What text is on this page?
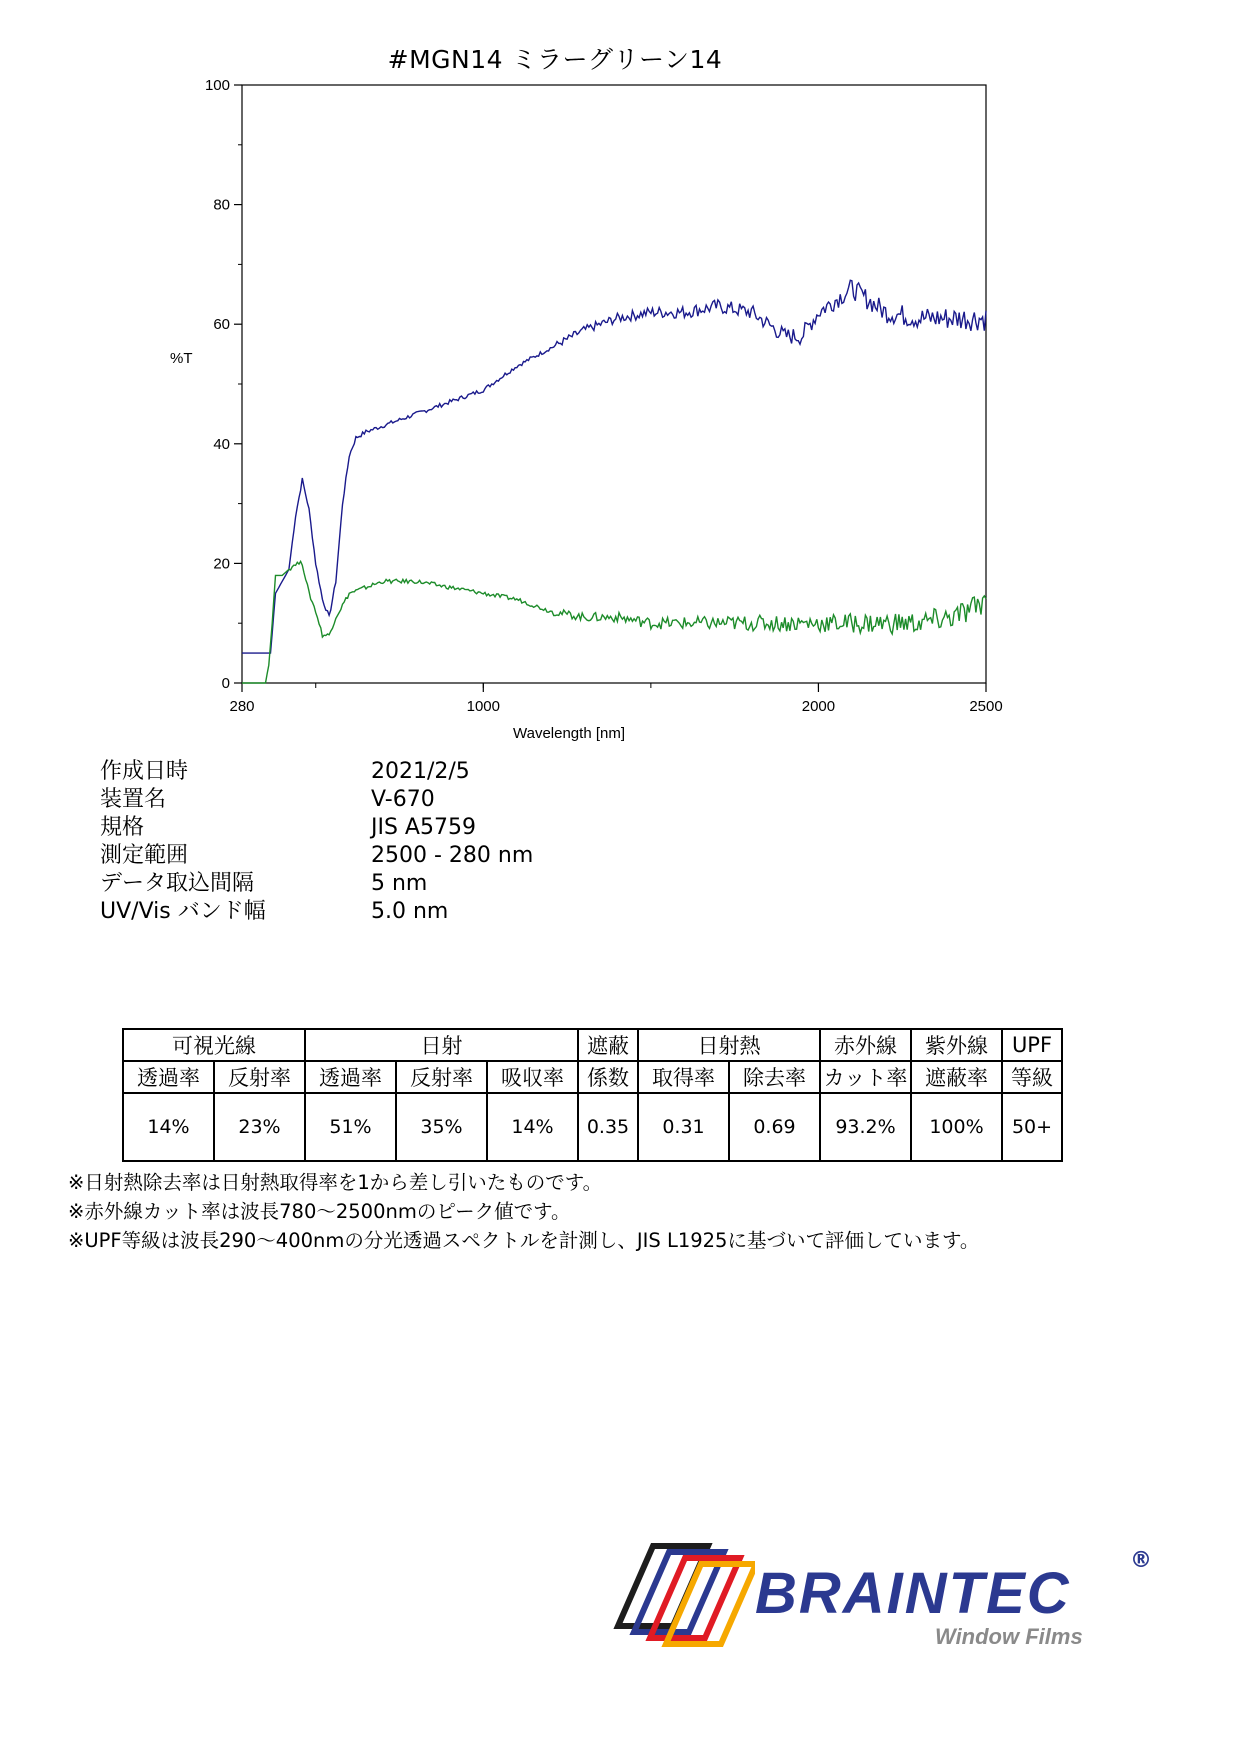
#MGN14 ミラーグリーン14
0
20
40
60
80
100
280	1000	2000	2500
Wavelength [nm]
%T
作成日時	2021/2/5
装置名	V-670
規格	JIS A5759
測定範囲	2500 - 280 nm
データ取込間隔	5 nm
UV/Vis バンド幅	5.0 nm
可視光線		日射			遮蔽	日射熱		赤外線	紫外線	UPF
透過率	反射率	透過率	反射率	吸収率	係数	取得率	除去率	カット率	遮蔽率	等級
14%	23%	51%	35%	14%	0.35	0.31	0.69	93.2%	100%	50+
※日射熱除去率は日射熱取得率を1から差し引いたものです。
※赤外線カット率は波長780〜2500nmのピーク値です。
※UPF等級は波長290〜400nmの分光透過スペクトルを計測し、JIS L1925に基づいて評価しています。
BRAINTEC
®
Window Films
